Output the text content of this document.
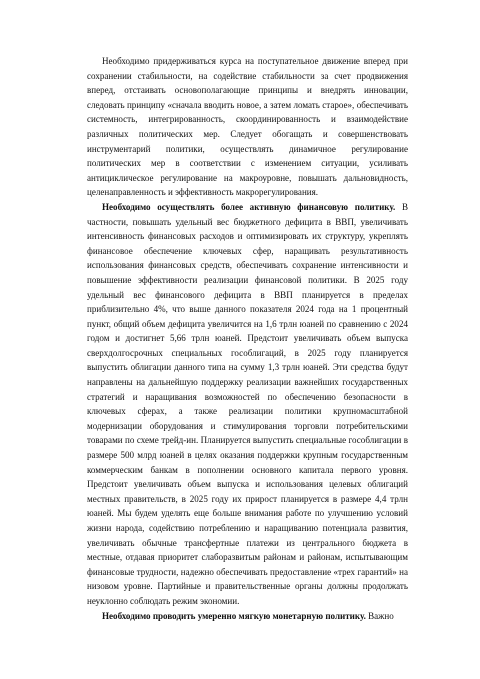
Необходимо придерживаться курса на поступательное движение вперед при сохранении стабильности, на содействие стабильности за счет продвижения вперед, отстаивать основополагающие принципы и внедрять инновации, следовать принципу «сначала вводить новое, а затем ломать старое», обеспечивать системность, интегрированность, скоординированность и взаимодействие различных политических мер. Следует обогащать и совершенствовать инструментарий политики, осуществлять динамичное регулирование политических мер в соответствии с изменением ситуации, усиливать антициклическое регулирование на макроуровне, повышать дальновидность, целенаправленность и эффективность макрорегулирования.

Необходимо осуществлять более активную финансовую политику. В частности, повышать удельный вес бюджетного дефицита в ВВП, увеличивать интенсивность финансовых расходов и оптимизировать их структуру, укреплять финансовое обеспечение ключевых сфер, наращивать результативность использования финансовых средств, обеспечивать сохранение интенсивности и повышение эффективности реализации финансовой политики. В 2025 году удельный вес финансового дефицита в ВВП планируется в пределах приблизительно 4%, что выше данного показателя 2024 года на 1 процентный пункт, общий объем дефицита увеличится на 1,6 трлн юаней по сравнению с 2024 годом и достигнет 5,66 трлн юаней. Предстоит увеличивать объем выпуска сверхдолгосрочных специальных гособлигаций, в 2025 году планируется выпустить облигации данного типа на сумму 1,3 трлн юаней. Эти средства будут направлены на дальнейшую поддержку реализации важнейших государственных стратегий и наращивания возможностей по обеспечению безопасности в ключевых сферах, а также реализации политики крупномасштабной модернизации оборудования и стимулирования торговли потребительскими товарами по схеме трейд-ин. Планируется выпустить специальные гособлигации в размере 500 млрд юаней в целях оказания поддержки крупным государственным коммерческим банкам в пополнении основного капитала первого уровня. Предстоит увеличивать объем выпуска и использования целевых облигаций местных правительств, в 2025 году их прирост планируется в размере 4,4 трлн юаней. Мы будем уделять еще больше внимания работе по улучшению условий жизни народа, содействию потреблению и наращиванию потенциала развития, увеличивать обычные трансфертные платежи из центрального бюджета в местные, отдавая приоритет слаборазвитым районам и районам, испытывающим финансовые трудности, надежно обеспечивать предоставление «трех гарантий» на низовом уровне. Партийные и правительственные органы должны продолжать неуклонно соблюдать режим экономии.

Необходимо проводить умеренно мягкую монетарную политику. Важно
